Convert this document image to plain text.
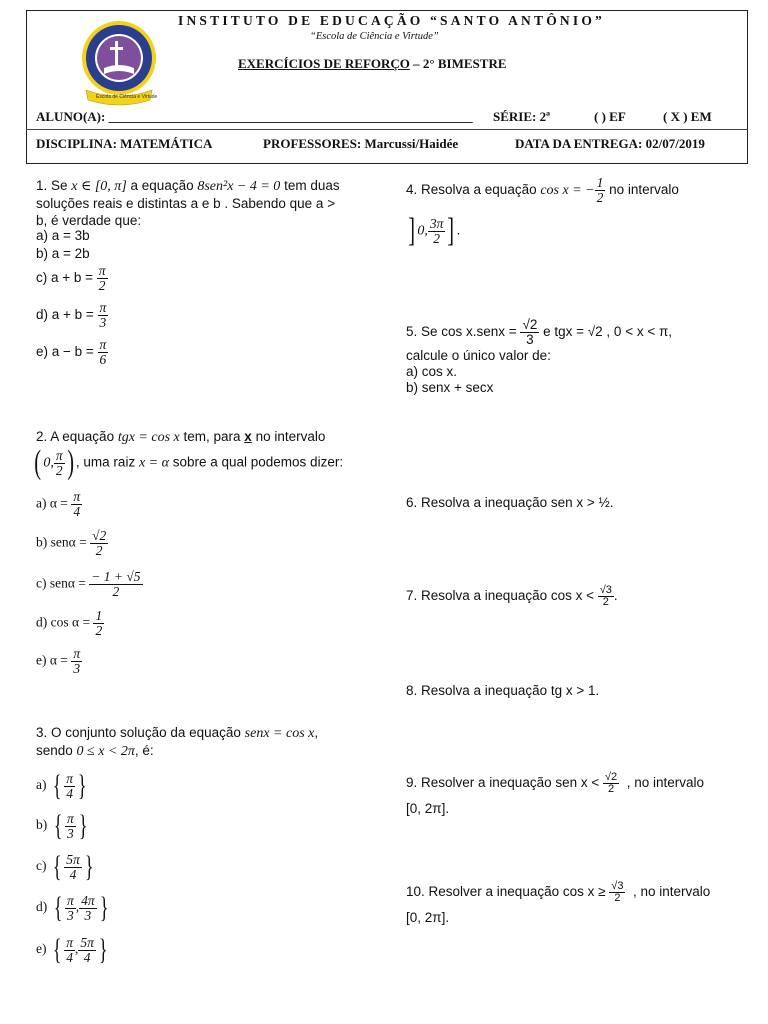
Escola de Ciência e Virtude
INSTITUTO DE EDUCAÇÃO “SANTO ANTÔNIO”
“Escola de Ciência e Virtude”
EXERCÍCIOS DE REFORÇO – 2° BIMESTRE
ALUNO(A): ________________________________________________________ SÉRIE: 2ª	( ) EF	( X ) EM
DISCIPLINA: MATEMÁTICA	PROFESSORES: Marcussi/Haidée	DATA DA ENTREGA: 02/07/2019
1. Se x ∈ [0, π] a equação 8sen²x − 4 = 0 tem duas
soluções reais e distintas a e b . Sabendo que a >
b, é verdade que:
a) a = 3b
b) a = 2b
c) $a + b = \frac{\pi}{2}$
d) $a + b = \frac{\pi}{3}$
e) $a - b = \frac{\pi}{6}$
2. A equação tgx = cos x tem, para x no intervalo
( 0, $\frac{\pi}{2}$ ) , uma raiz x = α sobre a qual podemos dizer:
a) $\alpha = \frac{\pi}{4}$
b) $sen\alpha = \frac{√2}{2}$
c) $sen\alpha = \frac{- 1 + √5}{2}$
d) $\cos \alpha = \frac{1}{2}$
e) $\alpha = \frac{\pi}{3}$
3. O conjunto solução da equação senx = cos x,
sendo 0 ≤ x < 2π, é:
a) { $\frac{\pi}{4}$ }
b) { $\frac{\pi}{3}$ }
c) { $\frac{5\pi}{4}$ }
d) { $\frac{\pi}{3}$ , $\frac{4\pi}{3}$ }
e) { $\frac{\pi}{4}$ , $\frac{5\pi}{4}$ }
4. Resolva a equação cos x = − $\frac{1}{2}$ no intervalo
] 0, $\frac{3\pi}{2}$ ] .
5. Se cos x.senx = $\frac{√2}{3}$ e tgx = √2 , 0 < x < π,
calcule o único valor de:
a) cos x.
b) senx + secx
6. Resolva a inequação sen x > ½.
7. Resolva a inequação $\cos x < \frac{√3}{2}$ .
8. Resolva a inequação tg x > 1.
9. Resolver a inequação sen $x < \frac{√2}{2}$ , no intervalo
[0, 2π].
10. Resolver a inequação $\cos x \ge \frac{√3}{2}$ , no intervalo
[0, 2π].
